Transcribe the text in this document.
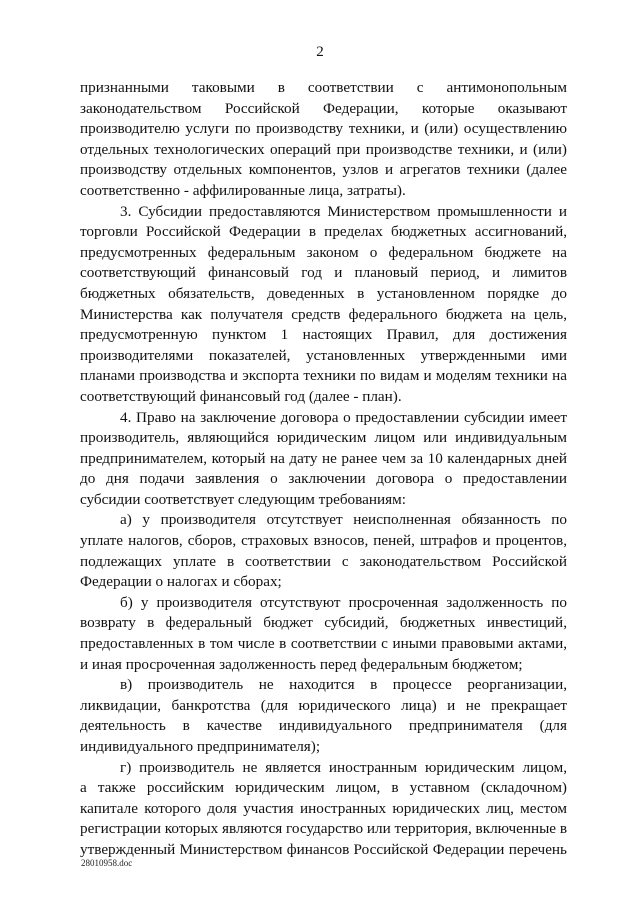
2
признанными таковыми в соответствии с антимонопольным
законодательством Российской Федерации, которые оказывают
производителю услуги по производству техники, и (или) осуществлению
отдельных технологических операций при производстве техники, и (или)
производству отдельных компонентов, узлов и агрегатов техники (далее
соответственно - аффилированные лица, затраты).
3. Субсидии предоставляются Министерством промышленности и
торговли Российской Федерации в пределах бюджетных ассигнований,
предусмотренных федеральным законом о федеральном бюджете на
соответствующий финансовый год и плановый период, и лимитов
бюджетных обязательств, доведенных в установленном порядке до
Министерства как получателя средств федерального бюджета на цель,
предусмотренную пунктом 1 настоящих Правил, для достижения
производителями показателей, установленных утвержденными ими
планами производства и экспорта техники по видам и моделям техники на
соответствующий финансовый год (далее - план).
4. Право на заключение договора о предоставлении субсидии имеет
производитель, являющийся юридическим лицом или индивидуальным
предпринимателем, который на дату не ранее чем за 10 календарных дней
до дня подачи заявления о заключении договора о предоставлении
субсидии соответствует следующим требованиям:
а) у производителя отсутствует неисполненная обязанность по
уплате налогов, сборов, страховых взносов, пеней, штрафов и процентов,
подлежащих уплате в соответствии с законодательством Российской
Федерации о налогах и сборах;
б) у производителя отсутствуют просроченная задолженность по
возврату в федеральный бюджет субсидий, бюджетных инвестиций,
предоставленных в том числе в соответствии с иными правовыми актами,
и иная просроченная задолженность перед федеральным бюджетом;
в) производитель не находится в процессе реорганизации,
ликвидации, банкротства (для юридического лица) и не прекращает
деятельность в качестве индивидуального предпринимателя (для
индивидуального предпринимателя);
г) производитель не является иностранным юридическим лицом,
а также российским юридическим лицом, в уставном (складочном)
капитале которого доля участия иностранных юридических лиц, местом
регистрации которых являются государство или территория, включенные в
утвержденный Министерством финансов Российской Федерации перечень
28010958.doc
